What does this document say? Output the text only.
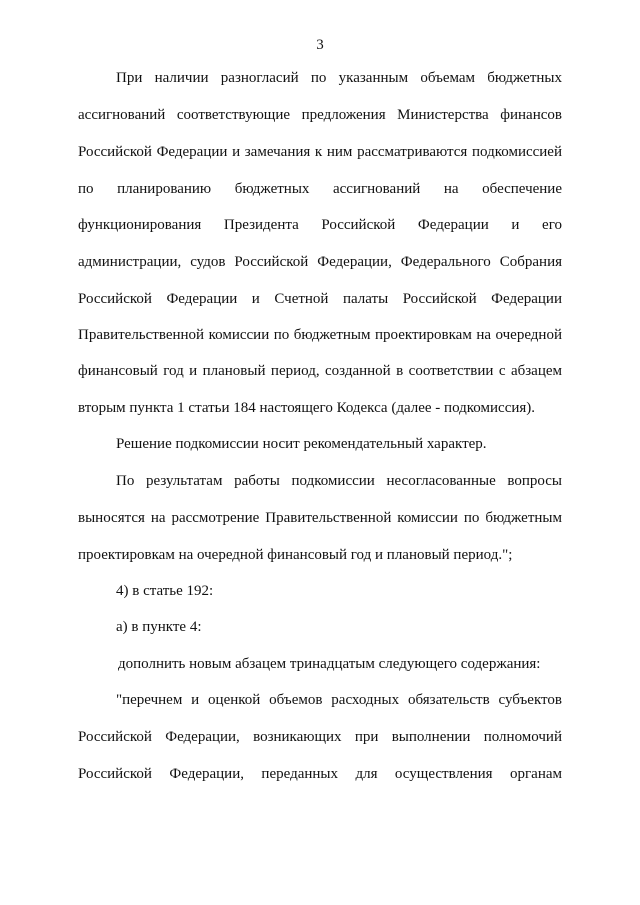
3
При наличии разногласий по указанным объемам бюджетных
ассигнований соответствующие предложения Министерства финансов
Российской Федерации и замечания к ним рассматриваются подкомиссией
по планированию бюджетных ассигнований на обеспечение
функционирования Президента Российской Федерации и его
администрации, судов Российской Федерации, Федерального Собрания
Российской Федерации и Счетной палаты Российской Федерации
Правительственной комиссии по бюджетным проектировкам на очередной
финансовый год и плановый период, созданной в соответствии с абзацем
вторым пункта 1 статьи 184 настоящего Кодекса (далее - подкомиссия).
Решение подкомиссии носит рекомендательный характер.
По результатам работы подкомиссии несогласованные вопросы
выносятся на рассмотрение Правительственной комиссии по бюджетным
проектировкам на очередной финансовый год и плановый период.";
4) в статье 192:
а) в пункте 4:
дополнить новым абзацем тринадцатым следующего содержания:
"перечнем и оценкой объемов расходных обязательств субъектов
Российской Федерации, возникающих при выполнении полномочий
Российской Федерации, переданных для осуществления органам
